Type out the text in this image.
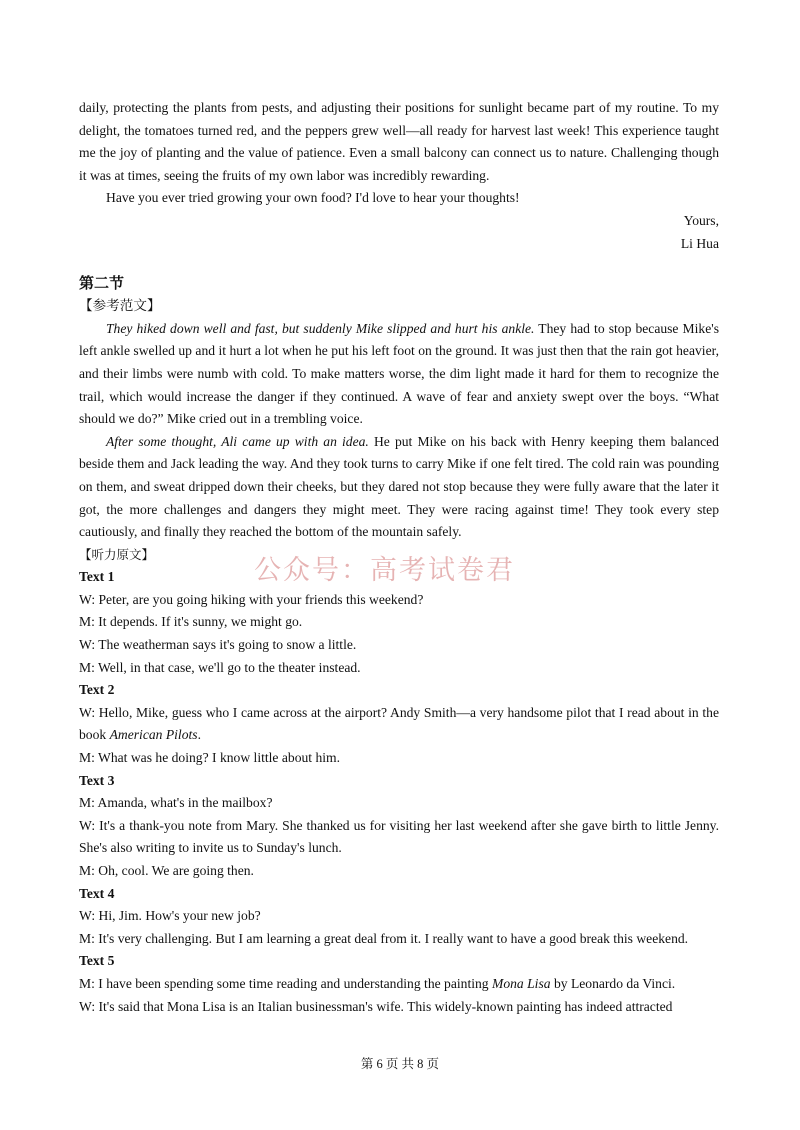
daily, protecting the plants from pests, and adjusting their positions for sunlight became part of my routine. To my delight, the tomatoes turned red, and the peppers grew well—all ready for harvest last week! This experience taught me the joy of planting and the value of patience. Even a small balcony can connect us to nature. Challenging though it was at times, seeing the fruits of my own labor was incredibly rewarding.

Have you ever tried growing your own food? I'd love to hear your thoughts!

Yours,

Li Hua

第二节

【参考范文】

They hiked down well and fast, but suddenly Mike slipped and hurt his ankle. They had to stop because Mike's left ankle swelled up and it hurt a lot when he put his left foot on the ground. It was just then that the rain got heavier, and their limbs were numb with cold. To make matters worse, the dim light made it hard for them to recognize the trail, which would increase the danger if they continued. A wave of fear and anxiety swept over the boys. “What should we do?” Mike cried out in a trembling voice.

After some thought, Ali came up with an idea. He put Mike on his back with Henry keeping them balanced beside them and Jack leading the way. And they took turns to carry Mike if one felt tired. The cold rain was pounding on them, and sweat dripped down their cheeks, but they dared not stop because they were fully aware that the later it got, the more challenges and dangers they might meet. They were racing against time! They took every step cautiously, and finally they reached the bottom of the mountain safely.

【听力原文】

Text 1

W: Peter, are you going hiking with your friends this weekend?

M: It depends. If it's sunny, we might go.

W: The weatherman says it's going to snow a little.

M: Well, in that case, we'll go to the theater instead.

Text 2

W: Hello, Mike, guess who I came across at the airport? Andy Smith—a very handsome pilot that I read about in the book American Pilots.

M: What was he doing? I know little about him.

Text 3

M: Amanda, what's in the mailbox?

W: It's a thank-you note from Mary. She thanked us for visiting her last weekend after she gave birth to little Jenny. She's also writing to invite us to Sunday's lunch.

M: Oh, cool. We are going then.

Text 4

W: Hi, Jim. How's your new job?

M: It's very challenging. But I am learning a great deal from it. I really want to have a good break this weekend.

Text 5

M: I have been spending some time reading and understanding the painting Mona Lisa by Leonardo da Vinci.

W: It's said that Mona Lisa is an Italian businessman's wife. This widely-known painting has indeed attracted

公众号：高考试卷君
第 6 页 共 8 页
